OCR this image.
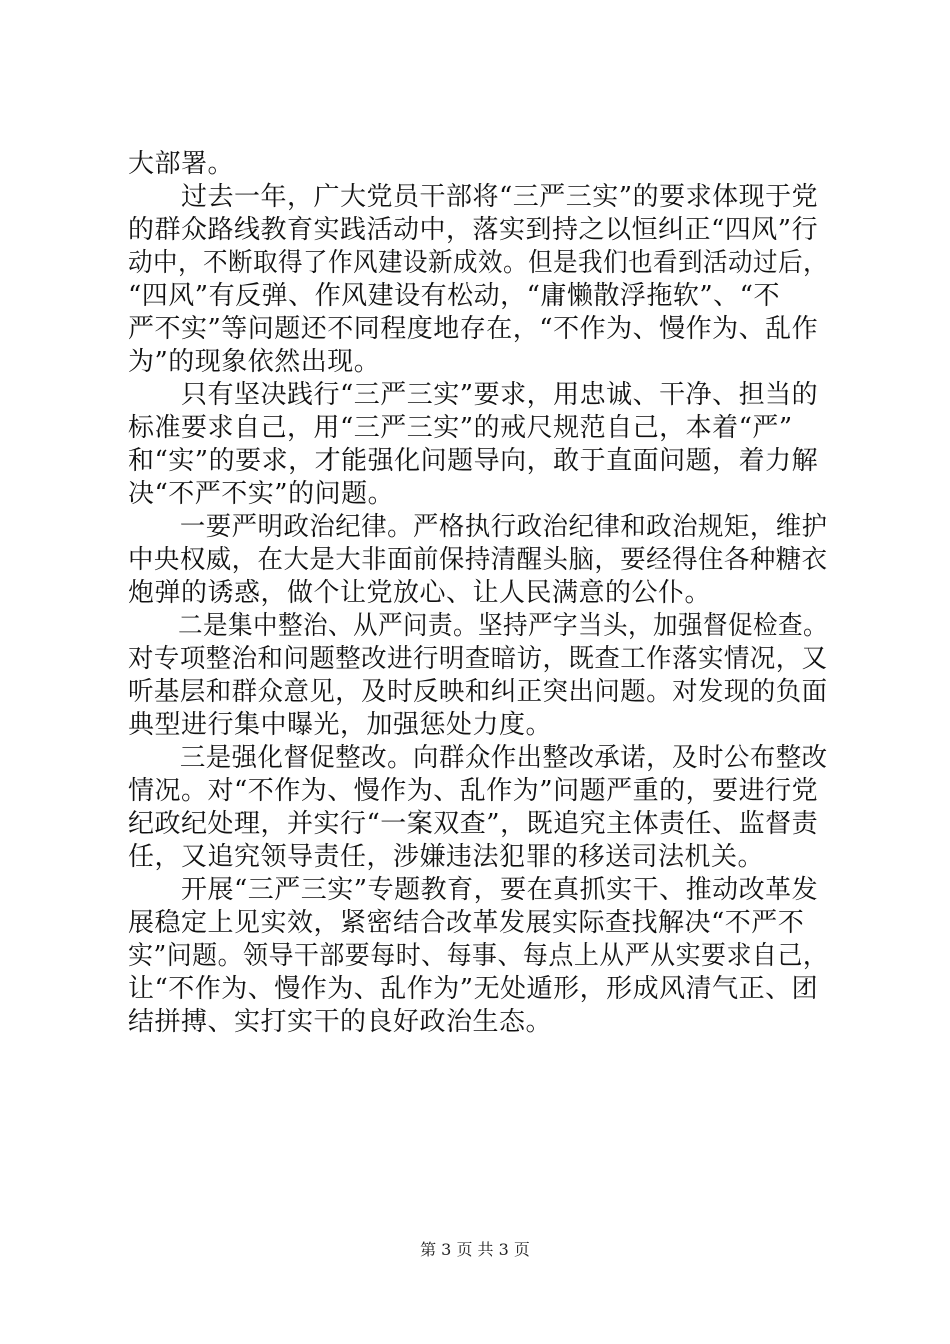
大部署。
　　过去一年，广大党员干部将“三严三实”的要求体现于党
的群众路线教育实践活动中，落实到持之以恒纠正“四风”行
动中，不断取得了作风建设新成效。但是我们也看到活动过后，
“四风”有反弹、作风建设有松动，“庸懒散浮拖软”、“不
严不实”等问题还不同程度地存在，“不作为、慢作为、乱作
为”的现象依然出现。
　　只有坚决践行“三严三实”要求，用忠诚、干净、担当的
标准要求自己，用“三严三实”的戒尺规范自己，本着“严”
和“实”的要求，才能强化问题导向，敢于直面问题，着力解
决“不严不实”的问题。
　　一要严明政治纪律。严格执行政治纪律和政治规矩，维护
中央权威，在大是大非面前保持清醒头脑，要经得住各种糖衣
炮弹的诱惑，做个让党放心、让人民满意的公仆。
　　二是集中整治、从严问责。坚持严字当头，加强督促检查。
对专项整治和问题整改进行明查暗访，既查工作落实情况，又
听基层和群众意见，及时反映和纠正突出问题。对发现的负面
典型进行集中曝光，加强惩处力度。
　　三是强化督促整改。向群众作出整改承诺，及时公布整改
情况。对“不作为、慢作为、乱作为”问题严重的，要进行党
纪政纪处理，并实行“一案双查”，既追究主体责任、监督责
任，又追究领导责任，涉嫌违法犯罪的移送司法机关。
　　开展“三严三实”专题教育，要在真抓实干、推动改革发
展稳定上见实效，紧密结合改革发展实际查找解决“不严不
实”问题。领导干部要每时、每事、每点上从严从实要求自己，
让“不作为、慢作为、乱作为”无处遁形，形成风清气正、团
结拼搏、实打实干的良好政治生态。
第 3 页 共 3 页
